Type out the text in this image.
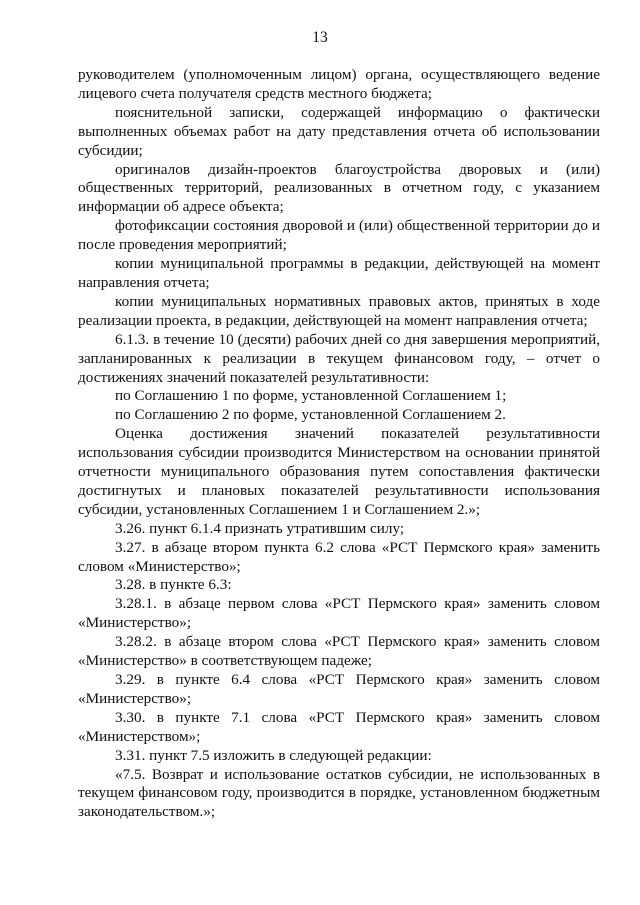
13

руководителем (уполномоченным лицом) органа, осуществляющего ведение лицевого счета получателя средств местного бюджета;

пояснительной записки, содержащей информацию о фактически выполненных объемах работ на дату представления отчета об использовании субсидии;

оригиналов дизайн-проектов благоустройства дворовых и (или) общественных территорий, реализованных в отчетном году, с указанием информации об адресе объекта;

фотофиксации состояния дворовой и (или) общественной территории до и после проведения мероприятий;

копии муниципальной программы в редакции, действующей на момент направления отчета;

копии муниципальных нормативных правовых актов, принятых в ходе реализации проекта, в редакции, действующей на момент направления отчета;

6.1.3. в течение 10 (десяти) рабочих дней со дня завершения мероприятий, запланированных к реализации в текущем финансовом году, – отчет о достижениях значений показателей результативности:

по Соглашению 1 по форме, установленной Соглашением 1;

по Соглашению 2 по форме, установленной Соглашением 2.

Оценка достижения значений показателей результативности использования субсидии производится Министерством на основании принятой отчетности муниципального образования путем сопоставления фактически достигнутых и плановых показателей результативности использования субсидии, установленных Соглашением 1 и Соглашением 2.»;

3.26. пункт 6.1.4 признать утратившим силу;

3.27. в абзаце втором пункта 6.2 слова «РСТ Пермского края» заменить словом «Министерство»;

3.28. в пункте 6.3:

3.28.1. в абзаце первом слова «РСТ Пермского края» заменить словом «Министерство»;

3.28.2. в абзаце втором слова «РСТ Пермского края» заменить словом «Министерство» в соответствующем падеже;

3.29. в пункте 6.4 слова «РСТ Пермского края» заменить словом «Министерство»;

3.30. в пункте 7.1 слова «РСТ Пермского края» заменить словом «Министерством»;

3.31. пункт 7.5 изложить в следующей редакции:

«7.5. Возврат и использование остатков субсидии, не использованных в текущем финансовом году, производится в порядке, установленном бюджетным законодательством.»;
